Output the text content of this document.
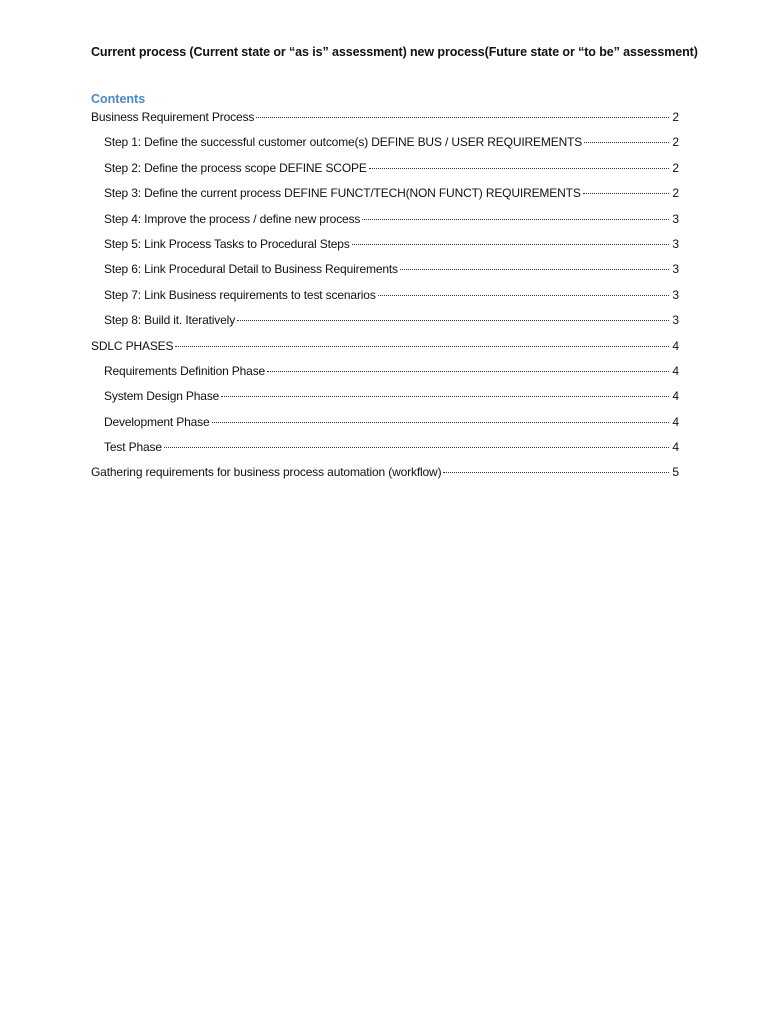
Current process (Current state or “as is” assessment) new process(Future state or “to be” assessment)
Contents
Business Requirement Process	2
Step 1: Define the successful customer outcome(s) DEFINE BUS / USER REQUIREMENTS	2
Step 2: Define the process scope DEFINE SCOPE	2
Step 3: Define the current process DEFINE FUNCT/TECH(NON FUNCT) REQUIREMENTS	2
Step 4: Improve the process / define new process	3
Step 5: Link Process Tasks to Procedural Steps	3
Step 6: Link Procedural Detail to Business Requirements	3
Step 7: Link Business requirements to test scenarios	3
Step 8: Build it. Iteratively	3
SDLC PHASES	4
Requirements Definition Phase	4
System Design Phase	4
Development Phase	4
Test Phase	4
Gathering requirements for business process automation (workflow)	5
